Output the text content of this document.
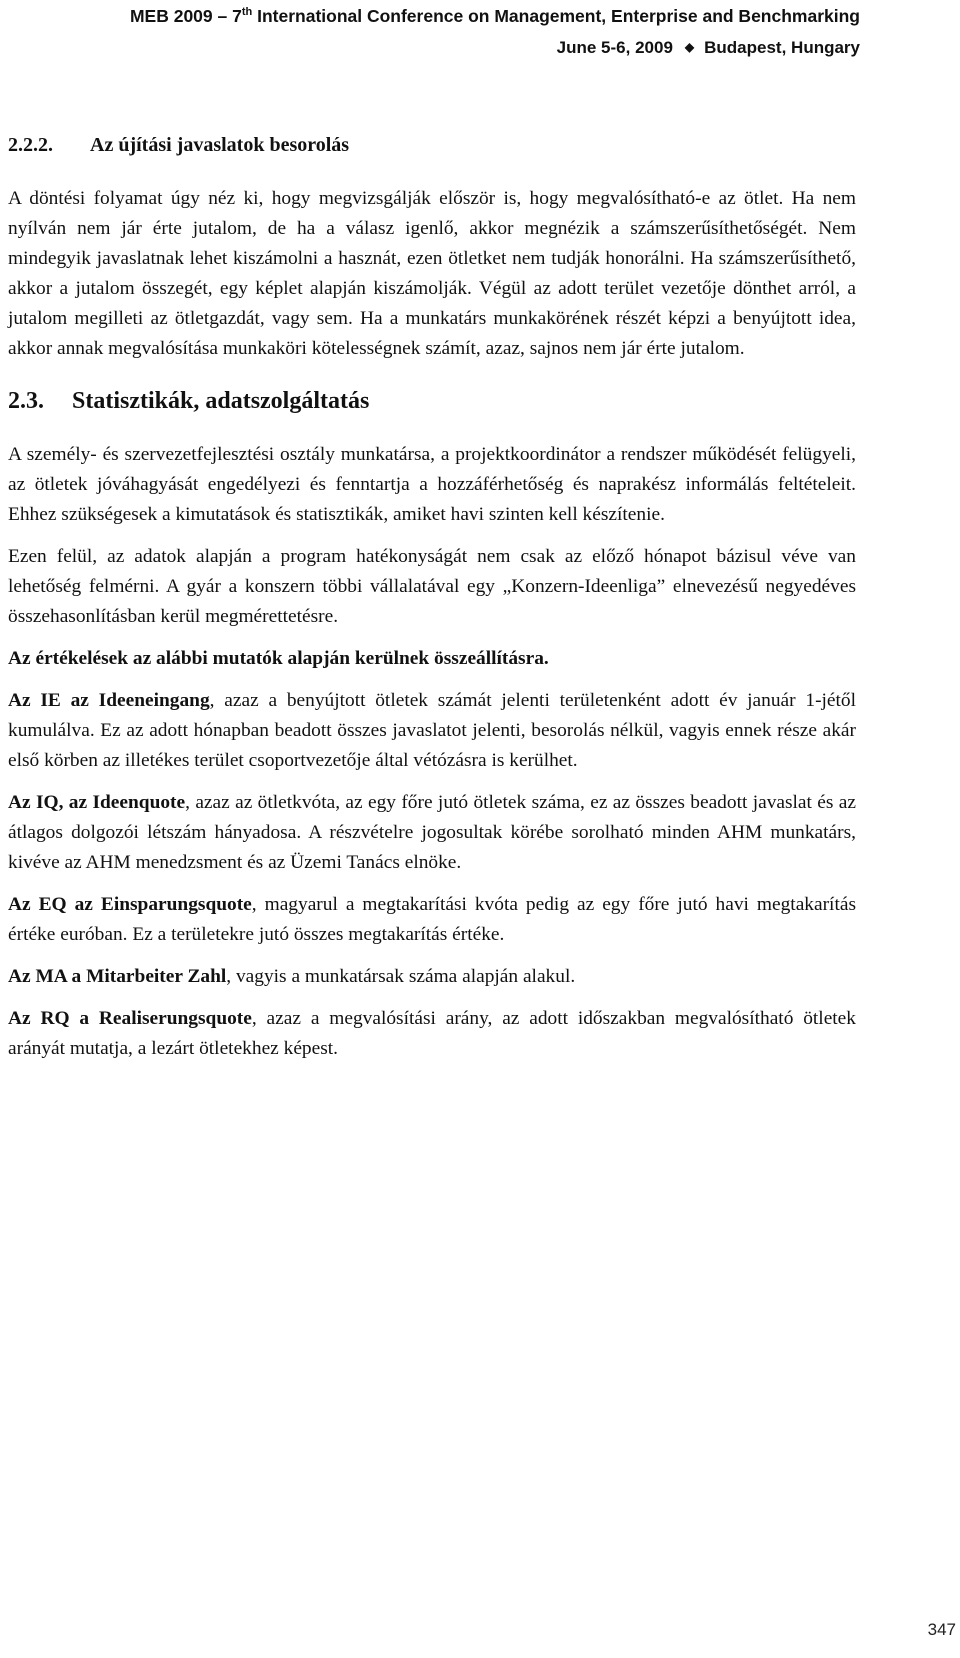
MEB 2009 – 7th International Conference on Management, Enterprise and Benchmarking
June 5-6, 2009 ◆ Budapest, Hungary

2.2.2. Az újítási javaslatok besorolás

A döntési folyamat úgy néz ki, hogy megvizsgálják először is, hogy megvalósítható-e az ötlet. Ha nem nyílván nem jár érte jutalom, de ha a válasz igenlő, akkor megnézik a számszerűsíthetőségét. Nem mindegyik javaslatnak lehet kiszámolni a hasznát, ezen ötletket nem tudják honorálni. Ha számszerűsíthető, akkor a jutalom összegét, egy képlet alapján kiszámolják. Végül az adott terület vezetője dönthet arról, a jutalom megilleti az ötletgazdát, vagy sem. Ha a munkatárs munkakörének részét képzi a benyújtott idea, akkor annak megvalósítása munkaköri kötelességnek számít, azaz, sajnos nem jár érte jutalom.

2.3. Statisztikák, adatszolgáltatás

A személy- és szervezetfejlesztési osztály munkatársa, a projektkoordinátor a rendszer működését felügyeli, az ötletek jóváhagyását engedélyezi és fenntartja a hozzáférhetőség és naprakész informálás feltételeit. Ehhez szükségesek a kimutatások és statisztikák, amiket havi szinten kell készítenie.

Ezen felül, az adatok alapján a program hatékonyságát nem csak az előző hónapot bázisul véve van lehetőség felmérni. A gyár a konszern többi vállalatával egy „Konzern-Ideenliga” elnevezésű negyedéves összehasonlításban kerül megmérettetésre.

Az értékelések az alábbi mutatók alapján kerülnek összeállításra.

Az IE az Ideeneingang, azaz a benyújtott ötletek számát jelenti területenként adott év január 1-jétől kumulálva. Ez az adott hónapban beadott összes javaslatot jelenti, besorolás nélkül, vagyis ennek része akár első körben az illetékes terület csoportvezetője által vétózásra is kerülhet.

Az IQ, az Ideenquote, azaz az ötletkvóta, az egy főre jutó ötletek száma, ez az összes beadott javaslat és az átlagos dolgozói létszám hányadosa. A részvételre jogosultak körébe sorolható minden AHM munkatárs, kivéve az AHM menedzsment és az Üzemi Tanács elnöke.

Az EQ az Einsparungsquote, magyarul a megtakarítási kvóta pedig az egy főre jutó havi megtakarítás értéke euróban. Ez a területekre jutó összes megtakarítás értéke.

Az MA a Mitarbeiter Zahl, vagyis a munkatársak száma alapján alakul.

Az RQ a Realiserungsquote, azaz a megvalósítási arány, az adott időszakban megvalósítható ötletek arányát mutatja, a lezárt ötletekhez képest.

347
